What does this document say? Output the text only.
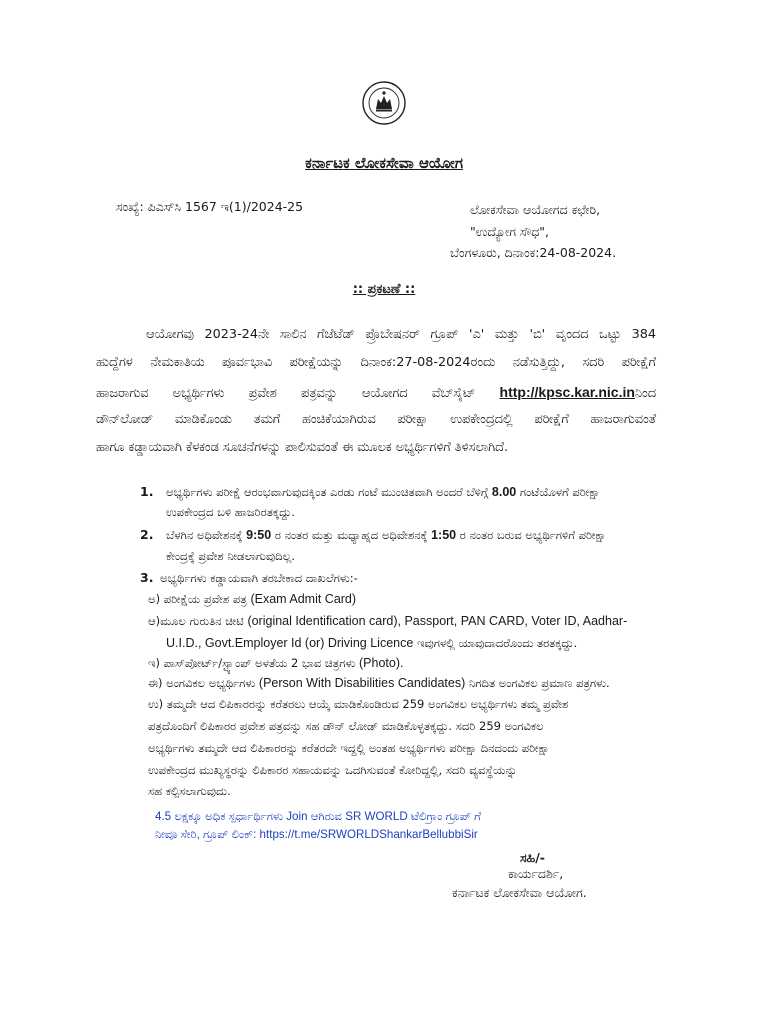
ಕರ್ನಾಟಕ ಲೋಕಸೇವಾ ಆಯೋಗ
ಸಂಖ್ಯೆ: ಪಿಎಸ್‌ಸಿ 1567 ಇ(1)/2024-25	ಲೋಕಸೇವಾ ಆಯೋಗದ ಕಛೇರಿ,
"ಉದ್ಯೋಗ ಸೌಧ",
ಬೆಂಗಳೂರು, ದಿನಾಂಕ:24-08-2024.
:: ಪ್ರಕಟಣೆ ::
ಆಯೋಗವು 2023-24ನೇ ಸಾಲಿನ ಗೆಜೆಟೆಡ್ ಪ್ರೊಬೇಷನರ್ ಗ್ರೂಪ್ 'ಎ' ಮತ್ತು 'ಬಿ' ವೃಂದದ ಒಟ್ಟು 384
ಹುದ್ದೆಗಳ ನೇಮಕಾತಿಯ ಪೂರ್ವಭಾವಿ ಪರೀಕ್ಷೆಯನ್ನು ದಿನಾಂಕ:27-08-2024ರಂದು ನಡೆಸುತ್ತಿದ್ದು, ಸದರಿ ಪರೀಕ್ಷೆಗೆ
ಹಾಜರಾಗುವ ಅಭ್ಯರ್ಥಿಗಳು ಪ್ರವೇಶ ಪತ್ರವನ್ನು ಆಯೋಗದ ವೆಬ್‌ಸೈಟ್ http://kpsc.kar.nic.inನಿಂದ
ಡೌನ್‌ಲೋಡ್ ಮಾಡಿಕೊಂಡು ತಮಗೆ ಹಂಚಿಕೆಯಾಗಿರುವ ಪರೀಕ್ಷಾ ಉಪಕೇಂದ್ರದಲ್ಲಿ ಪರೀಕ್ಷೆಗೆ ಹಾಜರಾಗುವಂತೆ
ಹಾಗೂ ಕಡ್ಡಾಯವಾಗಿ ಕೆಳಕಂಡ ಸೂಚನೆಗಳನ್ನು ಪಾಲಿಸುವಂತೆ ಈ ಮೂಲಕ ಅಭ್ಯರ್ಥಿಗಳಿಗೆ ತಿಳಿಸಲಾಗಿದೆ.
1. ಅಭ್ಯರ್ಥಿಗಳು ಪರೀಕ್ಷೆ ಆರಂಭವಾಗುವುದಕ್ಕಿಂತ ಎರಡು ಗಂಟೆ ಮುಂಚಿತವಾಗಿ ಅಂದರೆ ಬೆಳಿಗ್ಗೆ 8.00 ಗಂಟೆಯೊಳಗೆ ಪರೀಕ್ಷಾ
ಉಪಕೇಂದ್ರದ ಬಳಿ ಹಾಜರಿರತಕ್ಕದ್ದು.
2. ಬೆಳಗಿನ ಅಧಿವೇಶನಕ್ಕೆ 9:50 ರ ನಂತರ ಮತ್ತು ಮಧ್ಯಾಹ್ನದ ಅಧಿವೇಶನಕ್ಕೆ 1:50 ರ ನಂತರ ಬರುವ ಅಭ್ಯರ್ಥಿಗಳಿಗೆ ಪರೀಕ್ಷಾ
ಕೇಂದ್ರಕ್ಕೆ ಪ್ರವೇಶ ನೀಡಲಾಗುವುದಿಲ್ಲ.
3. ಅಭ್ಯರ್ಥಿಗಳು ಕಡ್ಡಾಯವಾಗಿ ತರಬೇಕಾದ ದಾಖಲೆಗಳು:-
ಅ) ಪರೀಕ್ಷೆಯ ಪ್ರವೇಶ ಪತ್ರ (Exam Admit Card)
ಆ)ಮೂಲ ಗುರುತಿನ ಚೀಟಿ (original Identification card), Passport, PAN CARD, Voter ID, Aadhar-
U.I.D., Govt.Employer Id (or) Driving Licence ಇವುಗಳಲ್ಲಿ ಯಾವುದಾದರೊಂದು ತರತಕ್ಕದ್ದು.
ಇ) ಪಾಸ್‌ಪೋರ್ಟ್/ಸ್ಟ್ಯಾಂಪ್ ಅಳತೆಯ 2 ಭಾವ ಚಿತ್ರಗಳು (Photo).
ಈ) ಅಂಗವಿಕಲ ಅಭ್ಯರ್ಥಿಗಳು (Person With Disabilities Candidates) ನಿಗದಿತ ಅಂಗವಿಕಲ ಪ್ರಮಾಣ ಪತ್ರಗಳು.
ಉ) ತಮ್ಮದೇ ಆದ ಲಿಪಿಕಾರರನ್ನು ಕರೆತರಲು ಆಯ್ಕೆ ಮಾಡಿಕೊಂಡಿರುವ 259 ಅಂಗವಿಕಲ ಅಭ್ಯರ್ಥಿಗಳು ತಮ್ಮ ಪ್ರವೇಶ
ಪತ್ರದೊಂದಿಗೆ ಲಿಪಿಕಾರರ ಪ್ರವೇಶ ಪತ್ರವನ್ನು ಸಹ ಡೌನ್ ಲೋಡ್ ಮಾಡಿಕೊಳ್ಳತಕ್ಕದ್ದು. ಸದರಿ 259 ಅಂಗವಿಕಲ
ಅಭ್ಯರ್ಥಿಗಳು ತಮ್ಮದೇ ಆದ ಲಿಪಿಕಾರರನ್ನು ಕರೆತರದೇ ಇದ್ದಲ್ಲಿ ಅಂತಹ ಅಭ್ಯರ್ಥಿಗಳು ಪರೀಕ್ಷಾ ದಿನದಂದು ಪರೀಕ್ಷಾ
ಉಪಕೇಂದ್ರದ ಮುಖ್ಯಸ್ಥರನ್ನು ಲಿಪಿಕಾರರ ಸಹಾಯವನ್ನು ಒದಗಿಸುವಂತೆ ಕೋರಿದ್ದಲ್ಲಿ, ಸದರಿ ವ್ಯವಸ್ಥೆಯನ್ನು
ಸಹ ಕಲ್ಪಿಸಲಾಗುವುದು.
4.5 ಲಕ್ಷಕ್ಕೂ ಅಧಿಕ ಸ್ಪರ್ಧಾರ್ಥಿಗಳು Join ಆಗಿರುವ SR WORLD ಟೆಲಿಗ್ರಾಂ ಗ್ರೂಪ್ ಗೆ
ನೀವೂ ಸೇರಿ, ಗ್ರೂಪ್ ಲಿಂಕ್: https://t.me/SRWORLDShankarBellubbiSir
ಸಹಿ/-
ಕಾರ್ಯದರ್ಶಿ,
ಕರ್ನಾಟಕ ಲೋಕಸೇವಾ ಆಯೋಗ.
